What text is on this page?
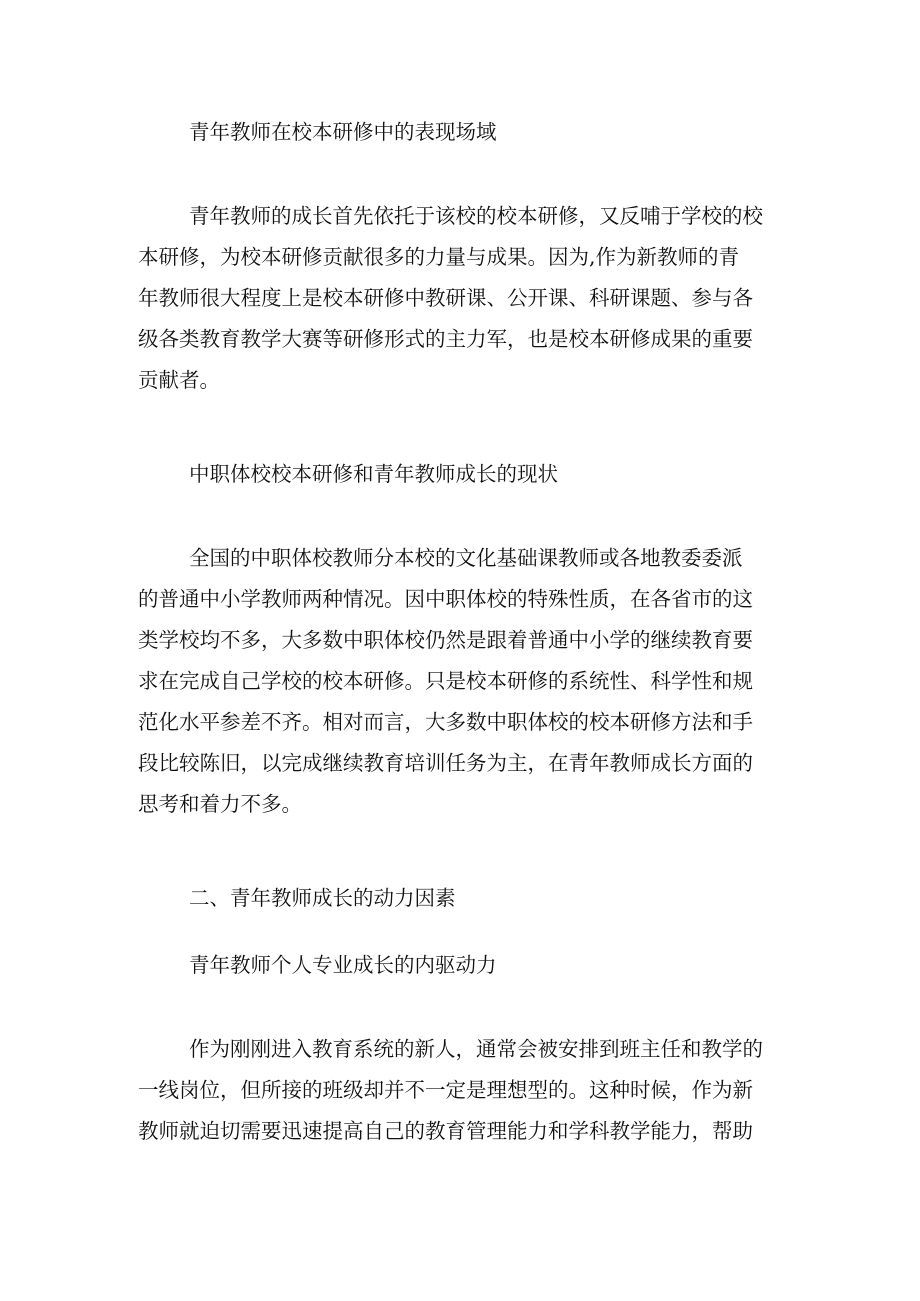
青年教师在校本研修中的表现场域
青年教师的成长首先依托于该校的校本研修，又反哺于学校的校
本研修，为校本研修贡献很多的力量与成果。因为,作为新教师的青
年教师很大程度上是校本研修中教研课、公开课、科研课题、参与各
级各类教育教学大赛等研修形式的主力军，也是校本研修成果的重要
贡献者。
中职体校校本研修和青年教师成长的现状
全国的中职体校教师分本校的文化基础课教师或各地教委委派
的普通中小学教师两种情况。因中职体校的特殊性质，在各省市的这
类学校均不多，大多数中职体校仍然是跟着普通中小学的继续教育要
求在完成自己学校的校本研修。只是校本研修的系统性、科学性和规
范化水平参差不齐。相对而言，大多数中职体校的校本研修方法和手
段比较陈旧，以完成继续教育培训任务为主，在青年教师成长方面的
思考和着力不多。
二、青年教师成长的动力因素
青年教师个人专业成长的内驱动力
作为刚刚进入教育系统的新人，通常会被安排到班主任和教学的
一线岗位，但所接的班级却并不一定是理想型的。这种时候，作为新
教师就迫切需要迅速提高自己的教育管理能力和学科教学能力，帮助
